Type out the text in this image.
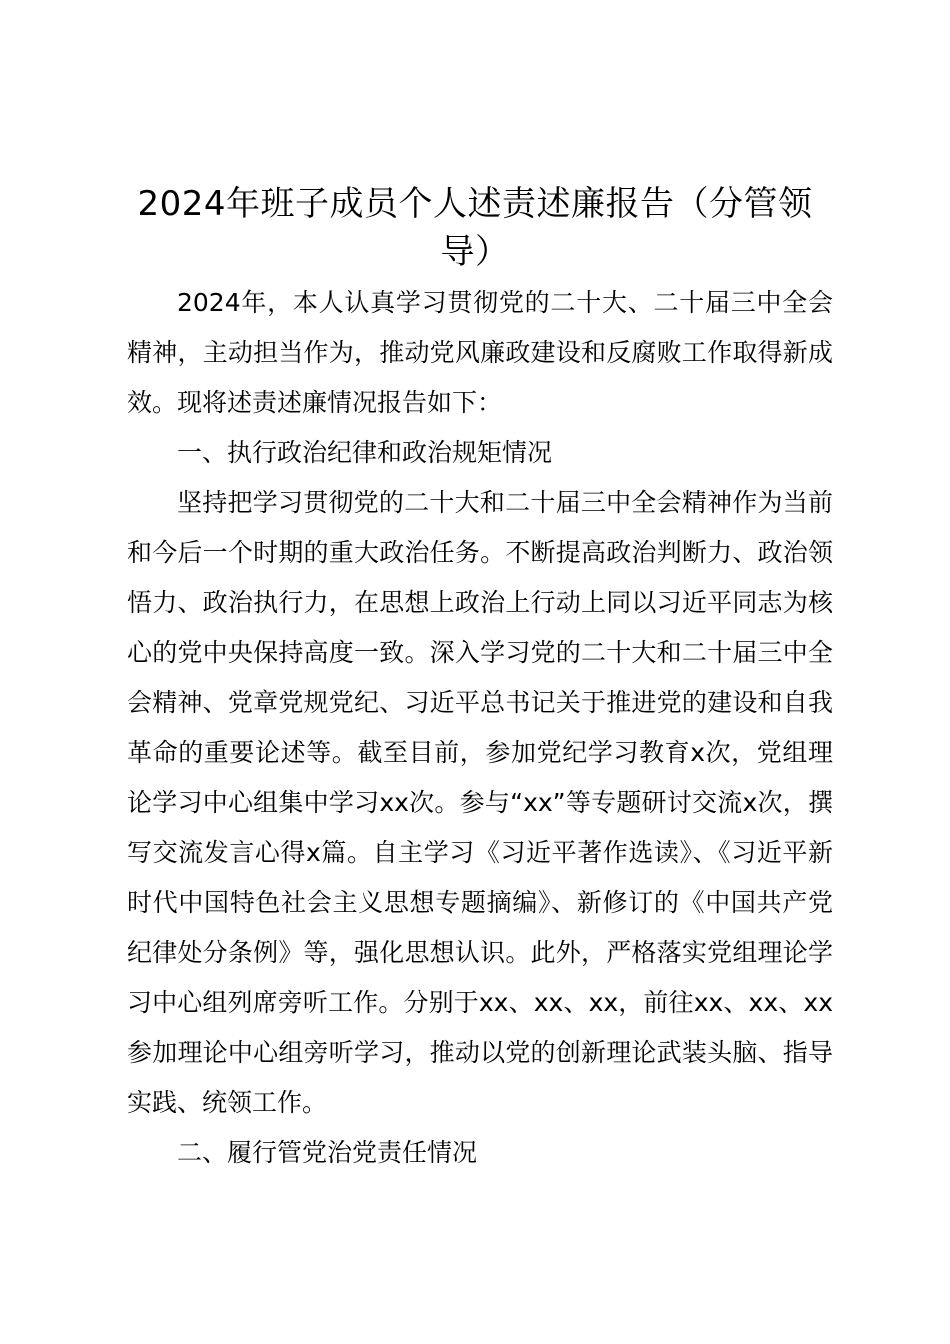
2024年班子成员个人述责述廉报告（分管领导）

2024年，本人认真学习贯彻党的二十大、二十届三中全会精神，主动担当作为，推动党风廉政建设和反腐败工作取得新成效。现将述责述廉情况报告如下：

一、执行政治纪律和政治规矩情况

坚持把学习贯彻党的二十大和二十届三中全会精神作为当前和今后一个时期的重大政治任务。不断提高政治判断力、政治领悟力、政治执行力，在思想上政治上行动上同以习近平同志为核心的党中央保持高度一致。深入学习党的二十大和二十届三中全会精神、党章党规党纪、习近平总书记关于推进党的建设和自我革命的重要论述等。截至目前，参加党纪学习教育x次，党组理论学习中心组集中学习xx次。参与“xx”等专题研讨交流x次，撰写交流发言心得x篇。自主学习《习近平著作选读》、《习近平新时代中国特色社会主义思想专题摘编》、新修订的《中国共产党纪律处分条例》等，强化思想认识。此外，严格落实党组理论学习中心组列席旁听工作。分别于xx、xx、xx，前往xx、xx、xx参加理论中心组旁听学习，推动以党的创新理论武装头脑、指导实践、统领工作。

二、履行管党治党责任情况
